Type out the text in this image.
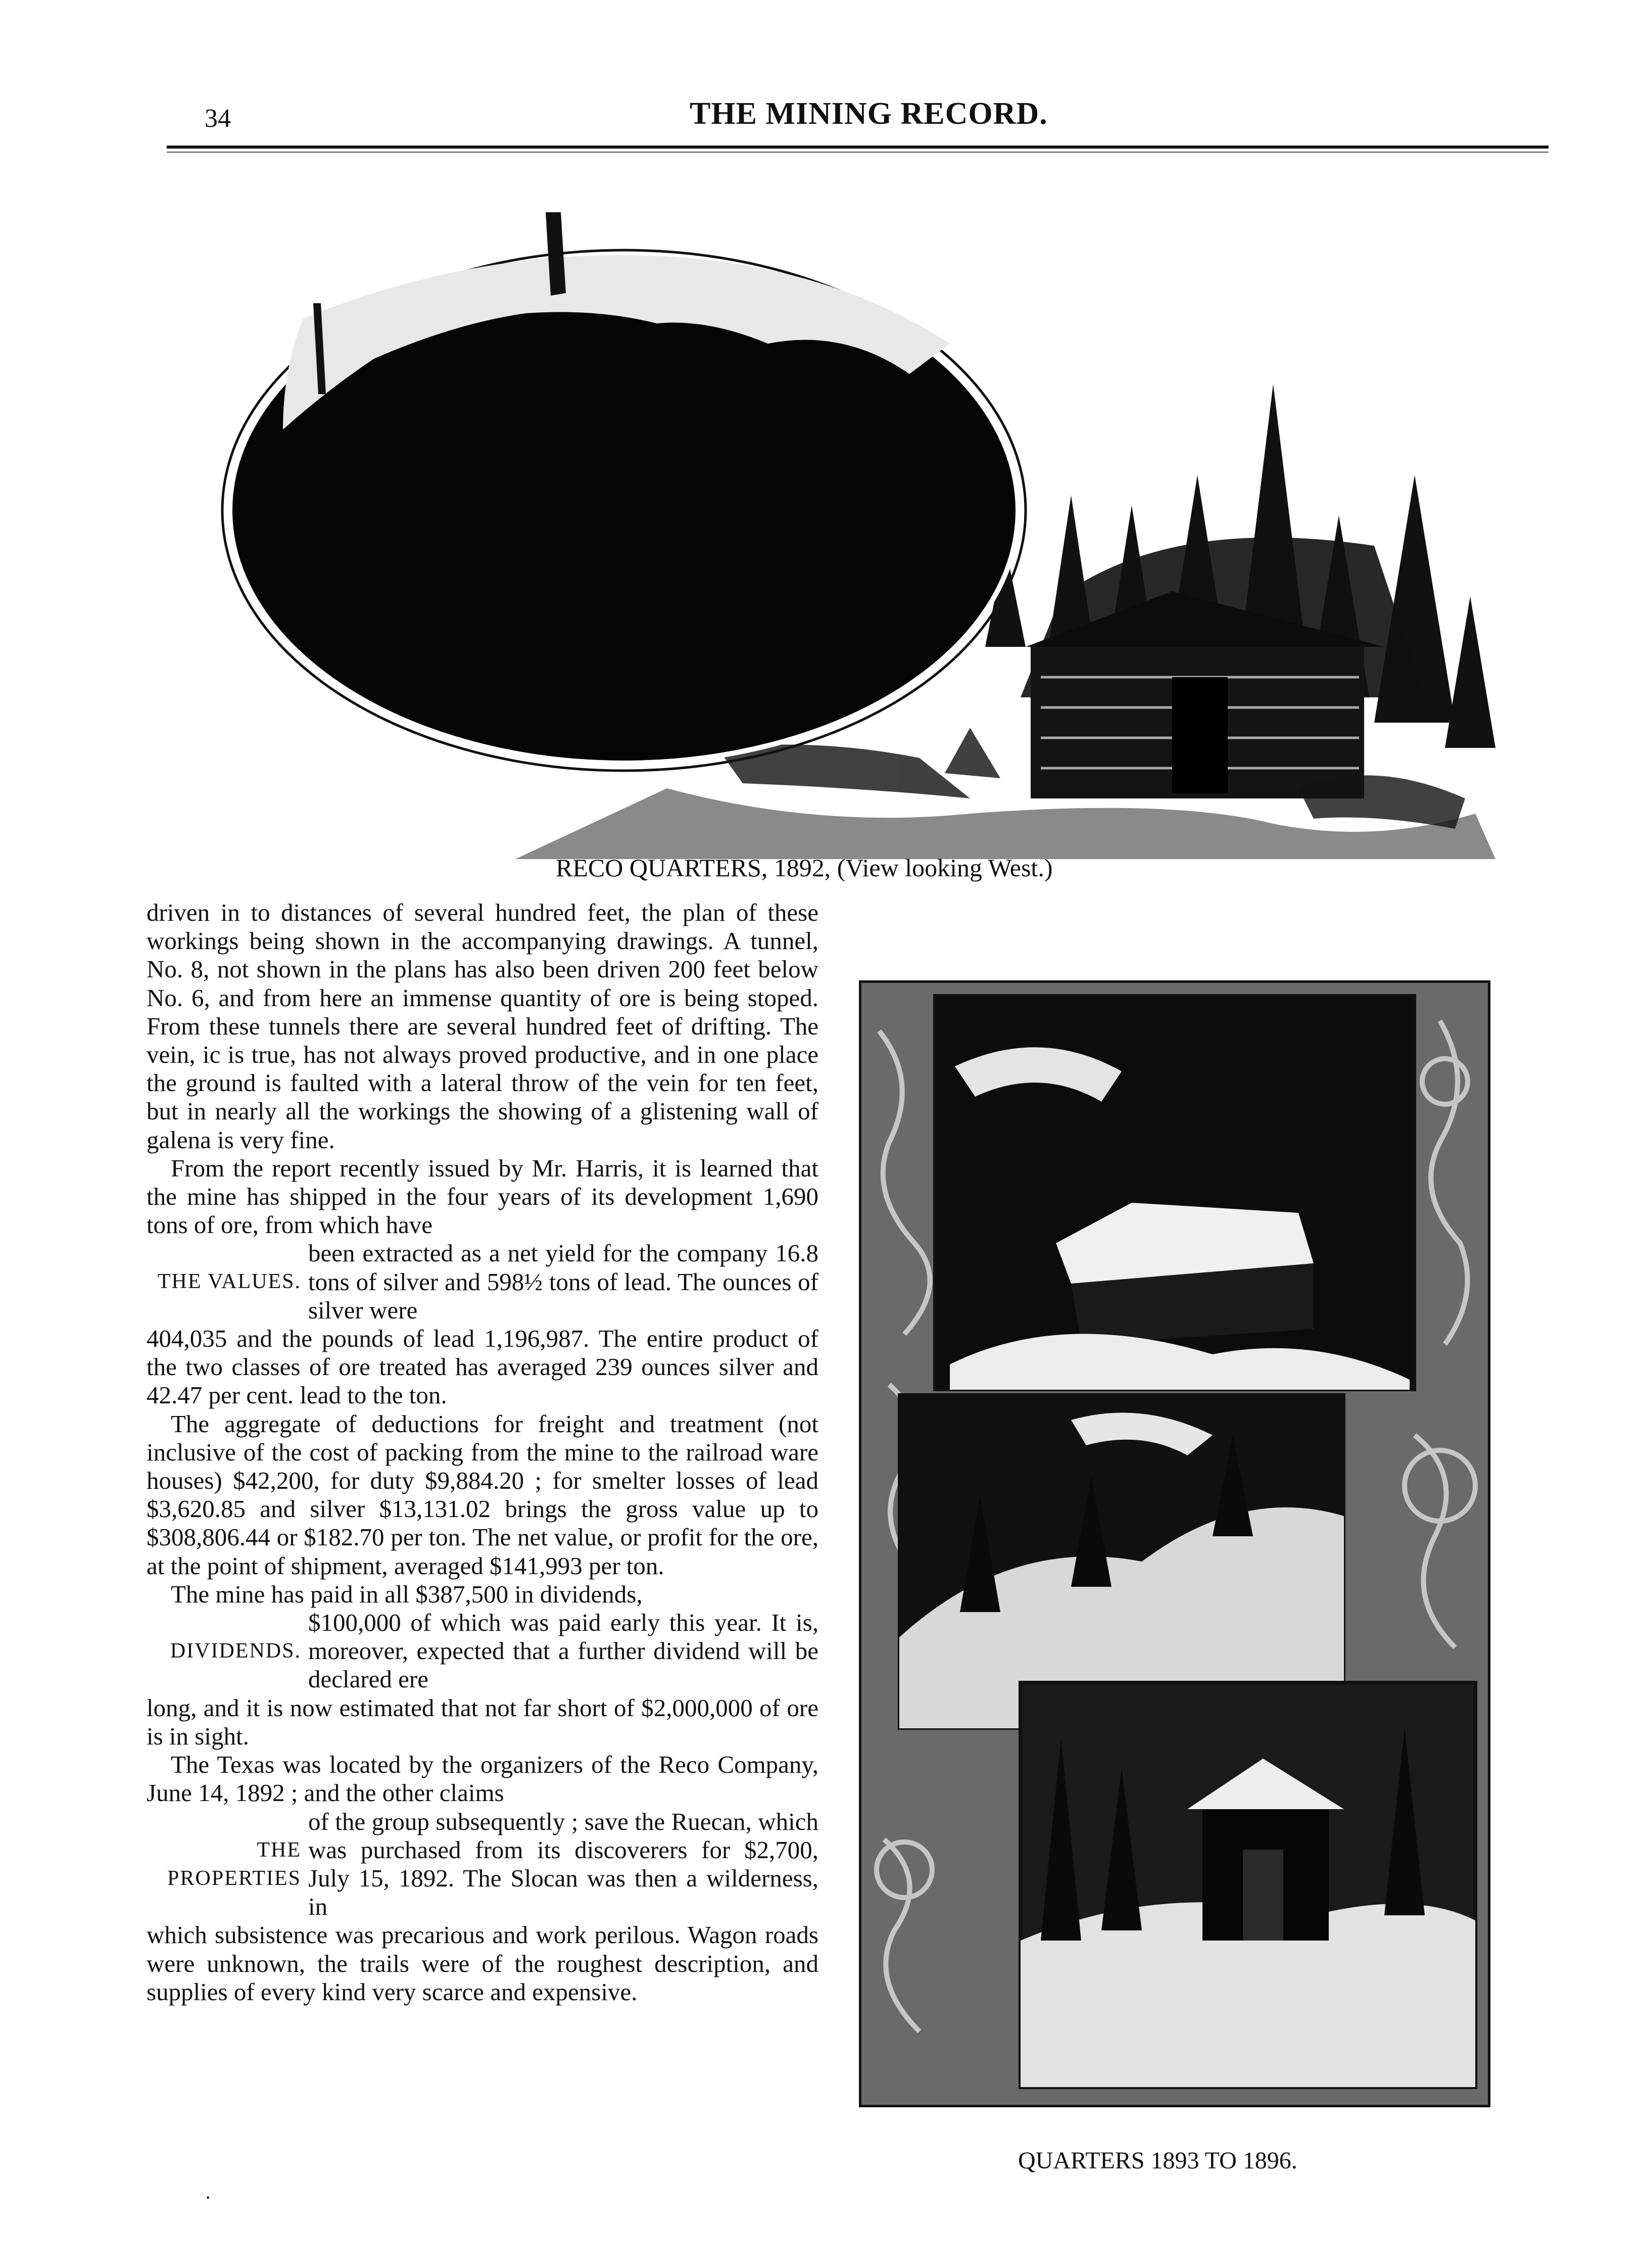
34	THE MINING RECORD.
RECO QUARTERS, 1892, (View looking West.)

driven in to distances of several hundred feet, the plan of these workings being shown in the accompanying drawings. A tunnel, No. 8, not shown in the plans has also been driven 200 feet below No. 6, and from here an immense quantity of ore is being stoped. From these tunnels there are several hundred feet of drifting. The vein, ic is true, has not always proved productive, and in one place the ground is faulted with a lateral throw of the vein for ten feet, but in nearly all the workings the showing of a glistening wall of galena is very fine.

From the report recently issued by Mr. Harris, it is learned that the mine has shipped in the four years of its development 1,690 tons of ore, from which have

THE VALUES.

been extracted as a net yield for the company 16.8 tons of silver and 598½ tons of lead. The ounces of silver were

404,035 and the pounds of lead 1,196,987. The entire product of the two classes of ore treated has averaged 239 ounces silver and 42.47 per cent. lead to the ton.

The aggregate of deductions for freight and treatment (not inclusive of the cost of packing from the mine to the railroad ware houses) $42,200, for duty $9,884.20 ; for smelter losses of lead $3,620.85 and silver $13,131.02 brings the gross value up to $308,806.44 or $182.70 per ton. The net value, or profit for the ore, at the point of shipment, averaged $141,993 per ton.

The mine has paid in all $387,500 in dividends,

DIVIDENDS.

$100,000 of which was paid early this year. It is, moreover, expected that a further dividend will be declared ere

long, and it is now estimated that not far short of $2,000,000 of ore is in sight.

The Texas was located by the organizers of the Reco Company, June 14, 1892 ; and the other claims

THE PROPERTIES

of the group subsequently ; save the Ruecan, which was purchased from its discoverers for $2,700, July 15, 1892. The Slocan was then a wilderness, in

which subsistence was precarious and work perilous. Wagon roads were unknown, the trails were of the roughest description, and supplies of every kind very scarce and expensive.

QUARTERS 1893 TO 1896.
·
